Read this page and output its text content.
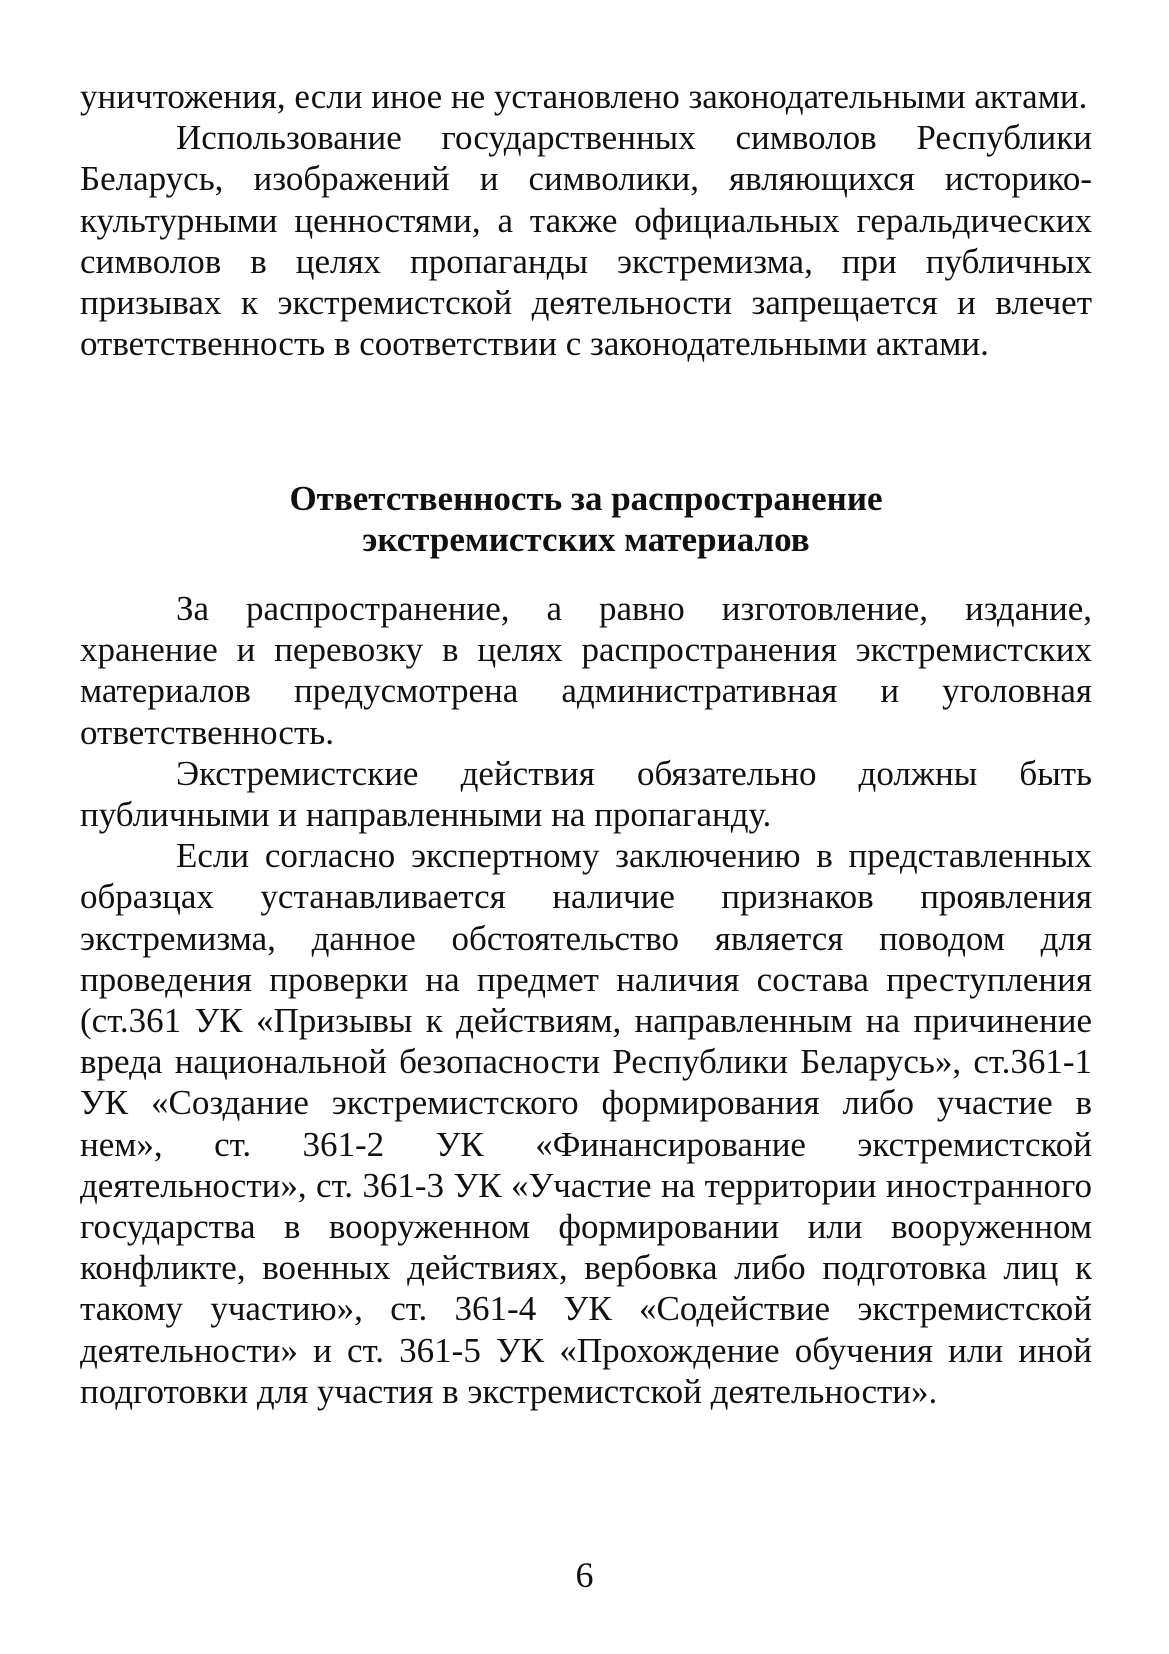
уничтожения, если иное не установлено законодательными актами.

Использование государственных символов Республики Беларусь, изображений и символики, являющихся историко-культурными ценностями, а также официальных геральдических символов в целях пропаганды экстремизма, при публичных призывах к экстремистской деятельности запрещается и влечет ответственность в соответствии с законодательными актами.

Ответственность за распространение
экстремистских материалов

За распространение, а равно изготовление, издание, хранение и перевозку в целях распространения экстремистских материалов предусмотрена административная и уголовная ответственность.

Экстремистские действия обязательно должны быть публичными и направленными на пропаганду.

Если согласно экспертному заключению в представленных образцах устанавливается наличие признаков проявления экстремизма, данное обстоятельство является поводом для проведения проверки на предмет наличия состава преступления (ст.361 УК «Призывы к действиям, направленным на причинение вреда национальной безопасности Республики Беларусь», ст.361-1 УК «Создание экстремистского формирования либо участие в нем», ст. 361-2 УК «Финансирование экстремистской деятельности», ст. 361-3 УК «Участие на территории иностранного государства в вооруженном формировании или вооруженном конфликте, военных действиях, вербовка либо подготовка лиц к такому участию», ст. 361-4 УК «Содействие экстремистской деятельности» и ст. 361-5 УК «Прохождение обучения или иной подготовки для участия в экстремистской деятельности».

6
